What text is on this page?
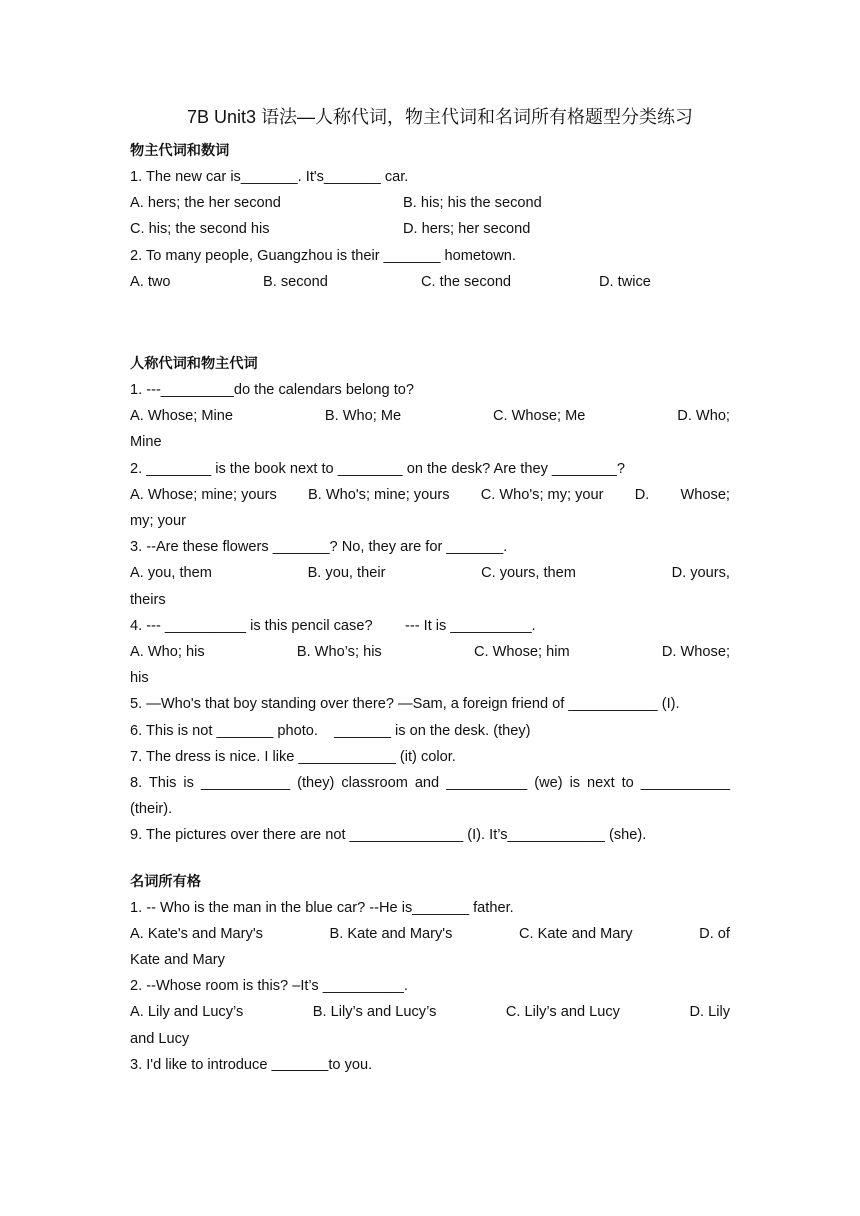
7B Unit3 语法—人称代词，物主代词和名词所有格题型分类练习
物主代词和数词
1. The new car is_______. It's_______ car.
A. hers; the her second	B. his; his the second
C. his; the second his	D. hers; her second
2. To many people, Guangzhou is their _______ hometown.
A. two	B. second	C. the second	D. twice
人称代词和物主代词
1. ---_________do the calendars belong to?
A. Whose; Mine	B. Who; Me	C. Whose; Me	D. Who;
Mine
2. ________ is the book next to ________ on the desk? Are they ________?
A. Whose; mine; yours B. Who's; mine; yours C. Who's; my; your D. Whose;
my; your
3. --Are these flowers _______? No, they are for _______.
A. you, them	B. you, their	C. yours, them	D. yours,
theirs
4. --- __________ is this pencil case?        --- It is __________.
A. Who; his	B. Who’s; his	C. Whose; him	D. Whose;
his
5. —Who's that boy standing over there? —Sam, a foreign friend of ___________ (I).
6. This is not _______ photo.    _______ is on the desk. (they)
7. The dress is nice. I like ____________ (it) color.
8. This is ___________ (they) classroom and __________ (we) is next to ___________ (their).
9. The pictures over there are not ______________ (I). It’s____________ (she).
名词所有格
1. -- Who is the man in the blue car? --He is_______ father.
A. Kate's and Mary's	B. Kate and Mary's	C. Kate and Mary	D. of
Kate and Mary
2. --Whose room is this? –It’s __________.
A. Lily and Lucy’s	B. Lily’s and Lucy’s	C. Lily’s and Lucy	D. Lily
and Lucy
3. I'd like to introduce _______to you.
